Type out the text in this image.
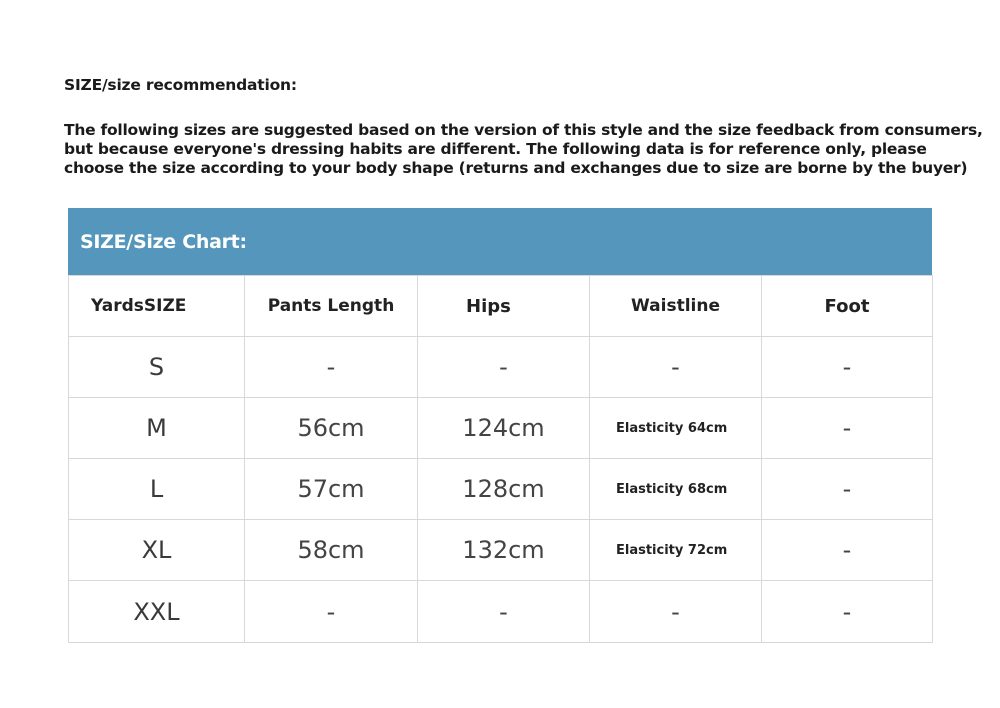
SIZE/size recommendation:

The following sizes are suggested based on the version of this style and the size feedback from consumers,
but because everyone's dressing habits are different. The following data is for reference only, please
choose the size according to your body shape (returns and exchanges due to size are borne by the buyer)

SIZE/Size Chart:
YardsSIZE	Pants Length	Hips	Waistline	Foot
S	-	-	-	-
M	56cm	124cm	Elasticity 64cm	-
L	57cm	128cm	Elasticity 68cm	-
XL	58cm	132cm	Elasticity 72cm	-
XXL	-	-	-	-
